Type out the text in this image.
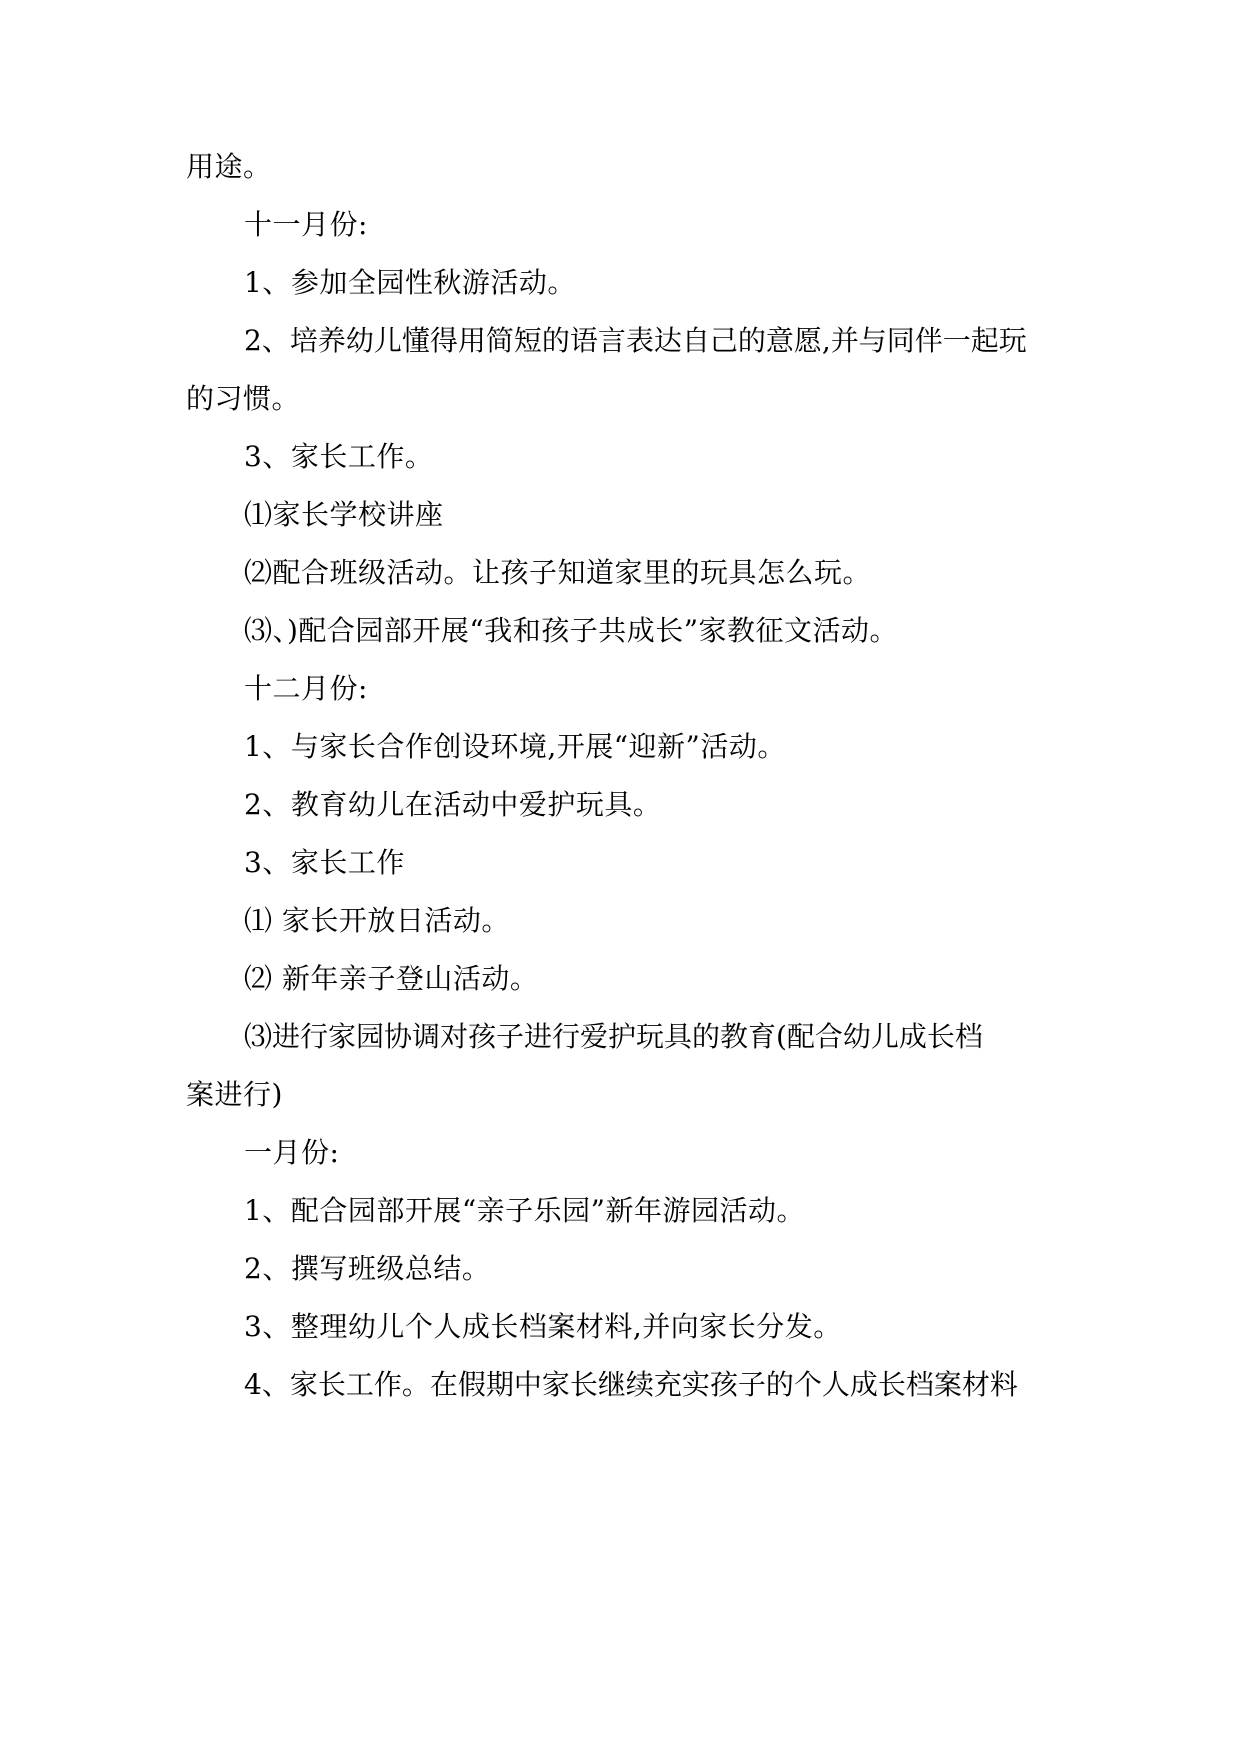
用途。
十一月份:
1、参加全园性秋游活动。
2、培养幼儿懂得用简短的语言表达自己的意愿,并与同伴一起玩
的习惯。
3、家长工作。
⑴家长学校讲座
⑵配合班级活动。让孩子知道家里的玩具怎么玩。
⑶、)配合园部开展“我和孩子共成长”家教征文活动。
十二月份:
1、与家长合作创设环境,开展“迎新”活动。
2、教育幼儿在活动中爱护玩具。
3、家长工作
⑴ 家长开放日活动。
⑵ 新年亲子登山活动。
⑶进行家园协调对孩子进行爱护玩具的教育(配合幼儿成长档
案进行)
一月份:
1、配合园部开展“亲子乐园”新年游园活动。
2、撰写班级总结。
3、整理幼儿个人成长档案材料,并向家长分发。
4、家长工作。在假期中家长继续充实孩子的个人成长档案材料
